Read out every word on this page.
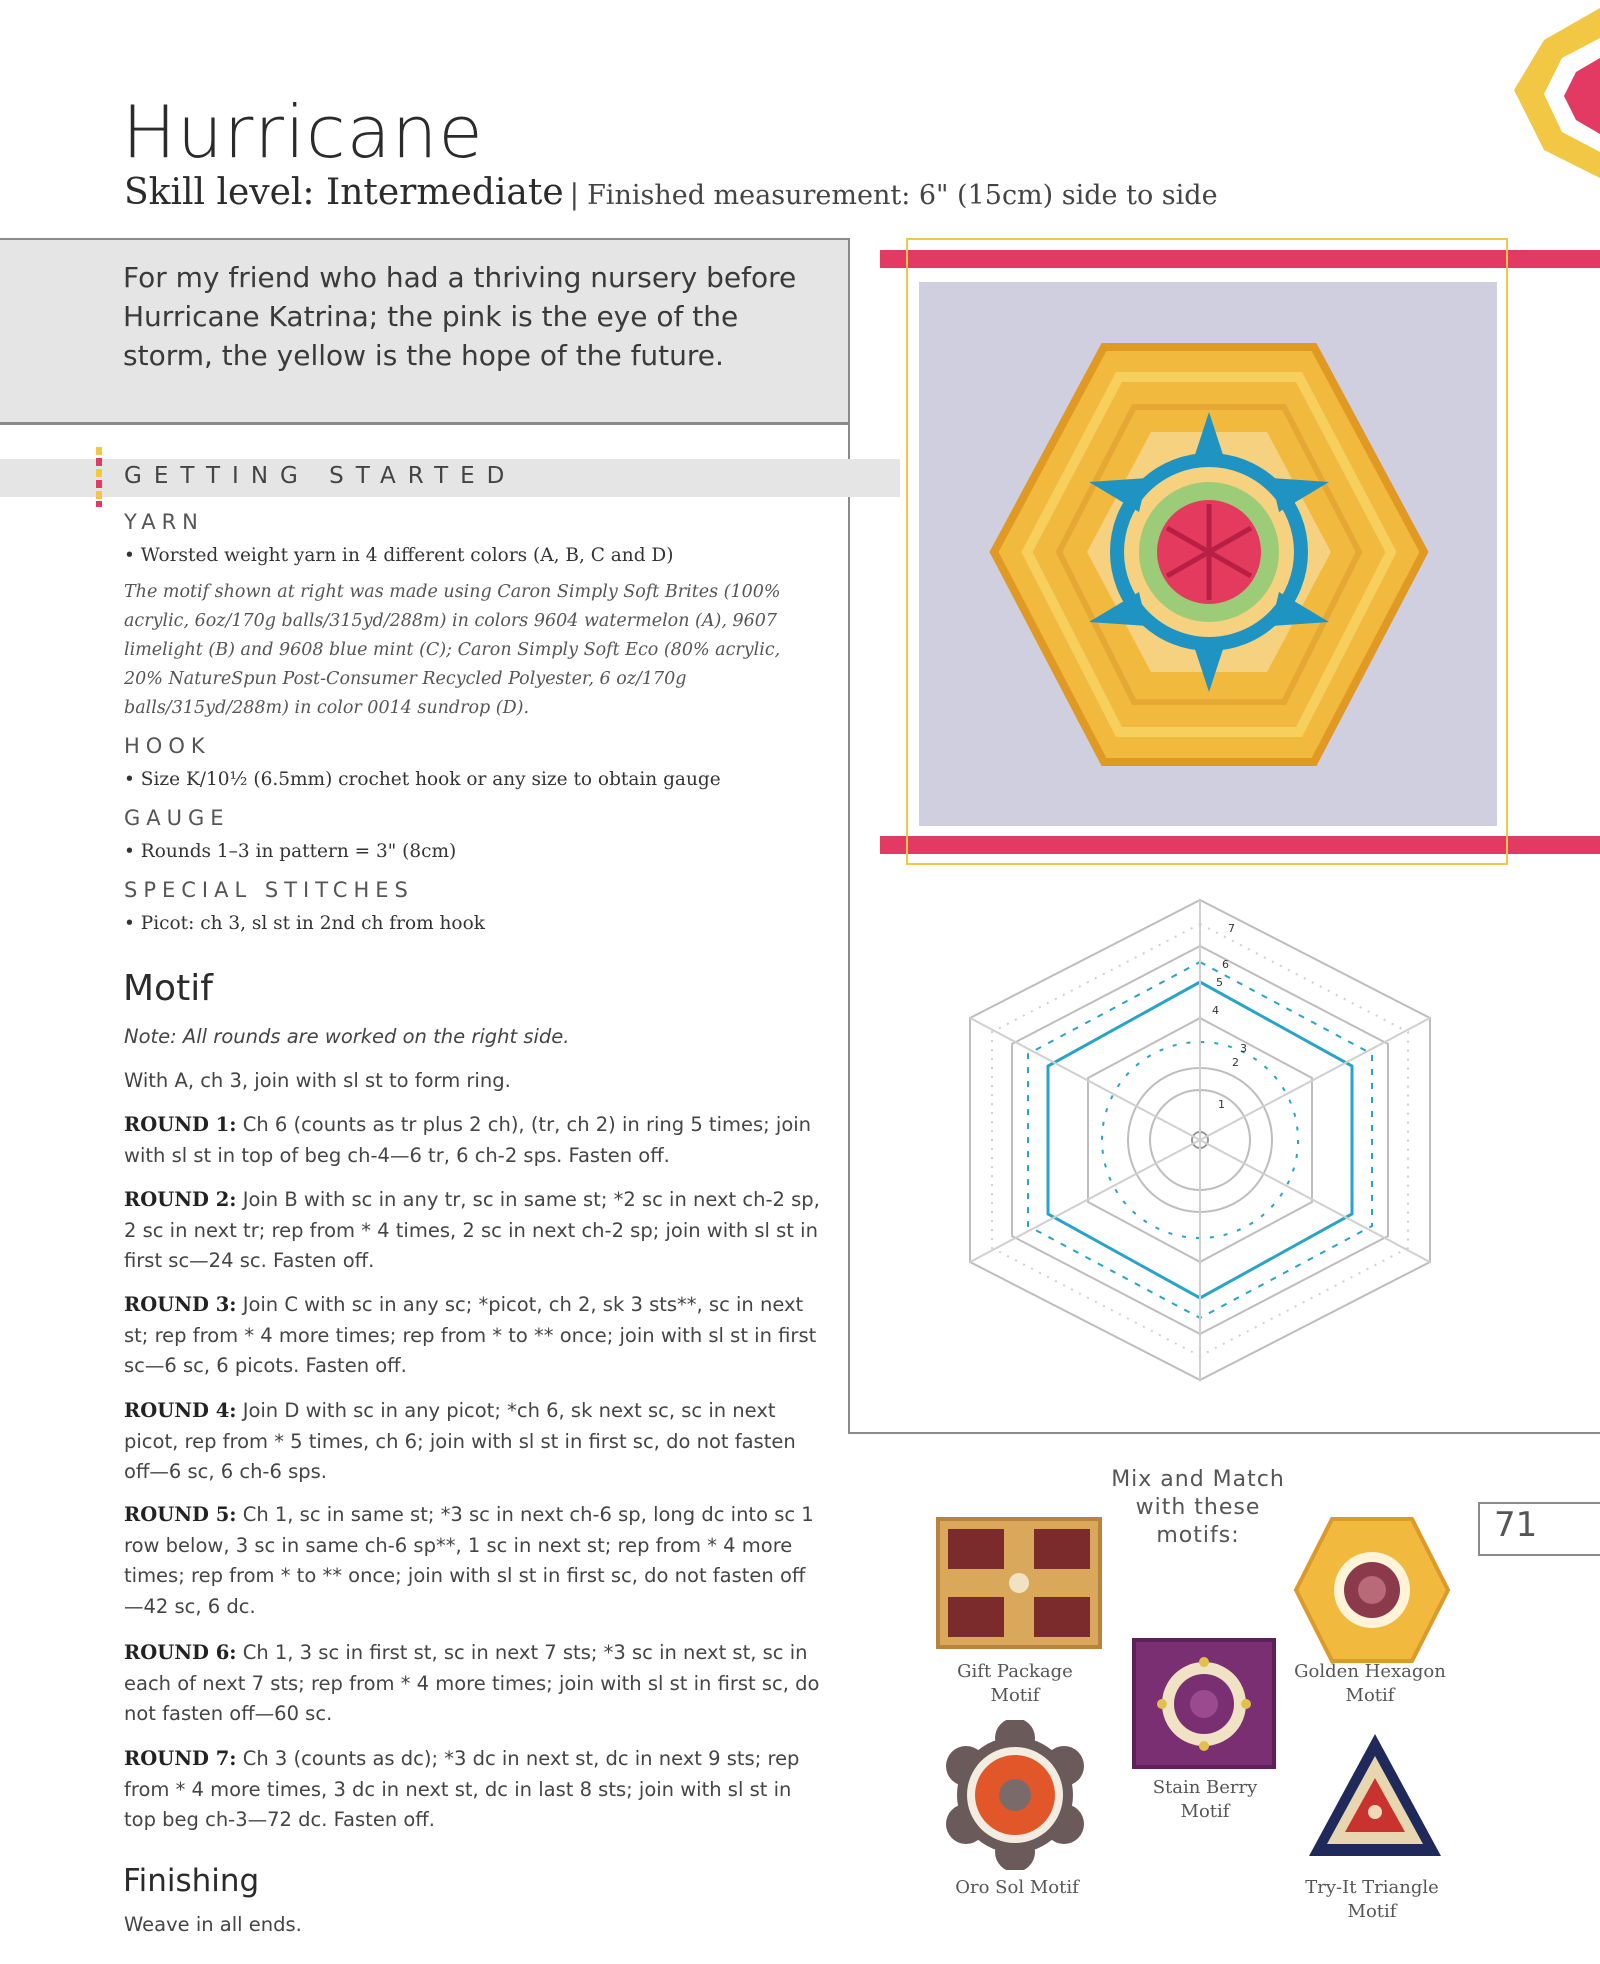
Hurricane
Skill level: Intermediate | Finished measurement: 6" (15cm) side to side
For my friend who had a thriving nursery before Hurricane Katrina; the pink is the eye of the storm, the yellow is the hope of the future.
GETTING STARTED
YARN
• Worsted weight yarn in 4 different colors (A, B, C and D)
The motif shown at right was made using Caron Simply Soft Brites (100% acrylic, 6oz/170g balls/315yd/288m) in colors 9604 watermelon (A), 9607 limelight (B) and 9608 blue mint (C); Caron Simply Soft Eco (80% acrylic, 20% NatureSpun Post-Consumer Recycled Polyester, 6 oz/170g balls/315yd/288m) in color 0014 sundrop (D).
HOOK
• Size K/10½ (6.5mm) crochet hook or any size to obtain gauge
GAUGE
• Rounds 1–3 in pattern = 3" (8cm)
SPECIAL STITCHES
• Picot: ch 3, sl st in 2nd ch from hook
Motif
Note: All rounds are worked on the right side.
With A, ch 3, join with sl st to form ring.
ROUND 1: Ch 6 (counts as tr plus 2 ch), (tr, ch 2) in ring 5 times; join with sl st in top of beg ch-4—6 tr, 6 ch-2 sps. Fasten off.
ROUND 2: Join B with sc in any tr, sc in same st; *2 sc in next ch-2 sp, 2 sc in next tr; rep from * 4 times, 2 sc in next ch-2 sp; join with sl st in first sc—24 sc. Fasten off.
ROUND 3: Join C with sc in any sc; *picot, ch 2, sk 3 sts**, sc in next st; rep from * 4 more times; rep from * to ** once; join with sl st in first sc—6 sc, 6 picots. Fasten off.
ROUND 4: Join D with sc in any picot; *ch 6, sk next sc, sc in next picot, rep from * 5 times, ch 6; join with sl st in first sc, do not fasten off—6 sc, 6 ch-6 sps.
ROUND 5: Ch 1, sc in same st; *3 sc in next ch-6 sp, long dc into sc 1 row below, 3 sc in same ch-6 sp**, 1 sc in next st; rep from * 4 more times; rep from * to ** once; join with sl st in first sc, do not fasten off—42 sc, 6 dc.
ROUND 6: Ch 1, 3 sc in first st, sc in next 7 sts; *3 sc in next st, sc in each of next 7 sts; rep from * 4 more times; join with sl st in first sc, do not fasten off—60 sc.
ROUND 7: Ch 3 (counts as dc); *3 dc in next st, dc in next 9 sts; rep from * 4 more times, 3 dc in next st, dc in last 8 sts; join with sl st in top beg ch-3—72 dc. Fasten off.
Finishing
Weave in all ends.
1
2
3
4
5
6
7
71
Mix and Match
with these
motifs:
Gift Package
Motif
Golden Hexagon
Motif
Stain Berry
Motif
Oro Sol Motif	Try-It Triangle
Motif
